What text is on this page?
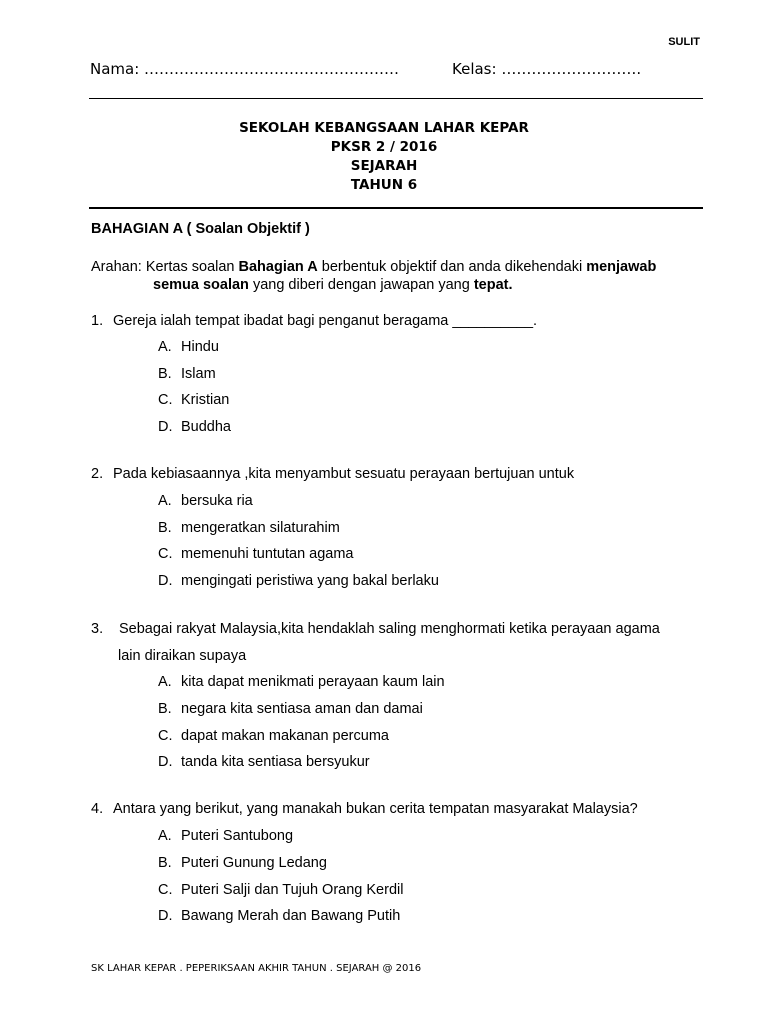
SULIT
Nama: ……………………………………………	Kelas: ……………………….
SEKOLAH KEBANGSAAN LAHAR KEPAR
PKSR 2 / 2016
SEJARAH
TAHUN 6
BAHAGIAN A ( Soalan Objektif )
Arahan: Kertas soalan Bahagian A berbentuk objektif dan anda dikehendaki menjawab
semua soalan yang diberi dengan jawapan yang tepat.
1. Gereja ialah tempat ibadat bagi penganut beragama __________.
A. Hindu
B. Islam
C. Kristian
D. Buddha
2. Pada kebiasaannya ,kita menyambut sesuatu perayaan bertujuan untuk
A. bersuka ria
B. mengeratkan silaturahim
C. memenuhi tuntutan agama
D. mengingati peristiwa yang bakal berlaku
3. Sebagai rakyat Malaysia,kita hendaklah saling menghormati ketika perayaan agama
lain diraikan supaya
A. kita dapat menikmati perayaan kaum lain
B. negara kita sentiasa aman dan damai
C. dapat makan makanan percuma
D. tanda kita sentiasa bersyukur
4. Antara yang berikut, yang manakah bukan cerita tempatan masyarakat Malaysia?
A. Puteri Santubong
B. Puteri Gunung Ledang
C. Puteri Salji dan Tujuh Orang Kerdil
D. Bawang Merah dan Bawang Putih
SK LAHAR KEPAR . PEPERIKSAAN AKHIR TAHUN . SEJARAH @ 2016
